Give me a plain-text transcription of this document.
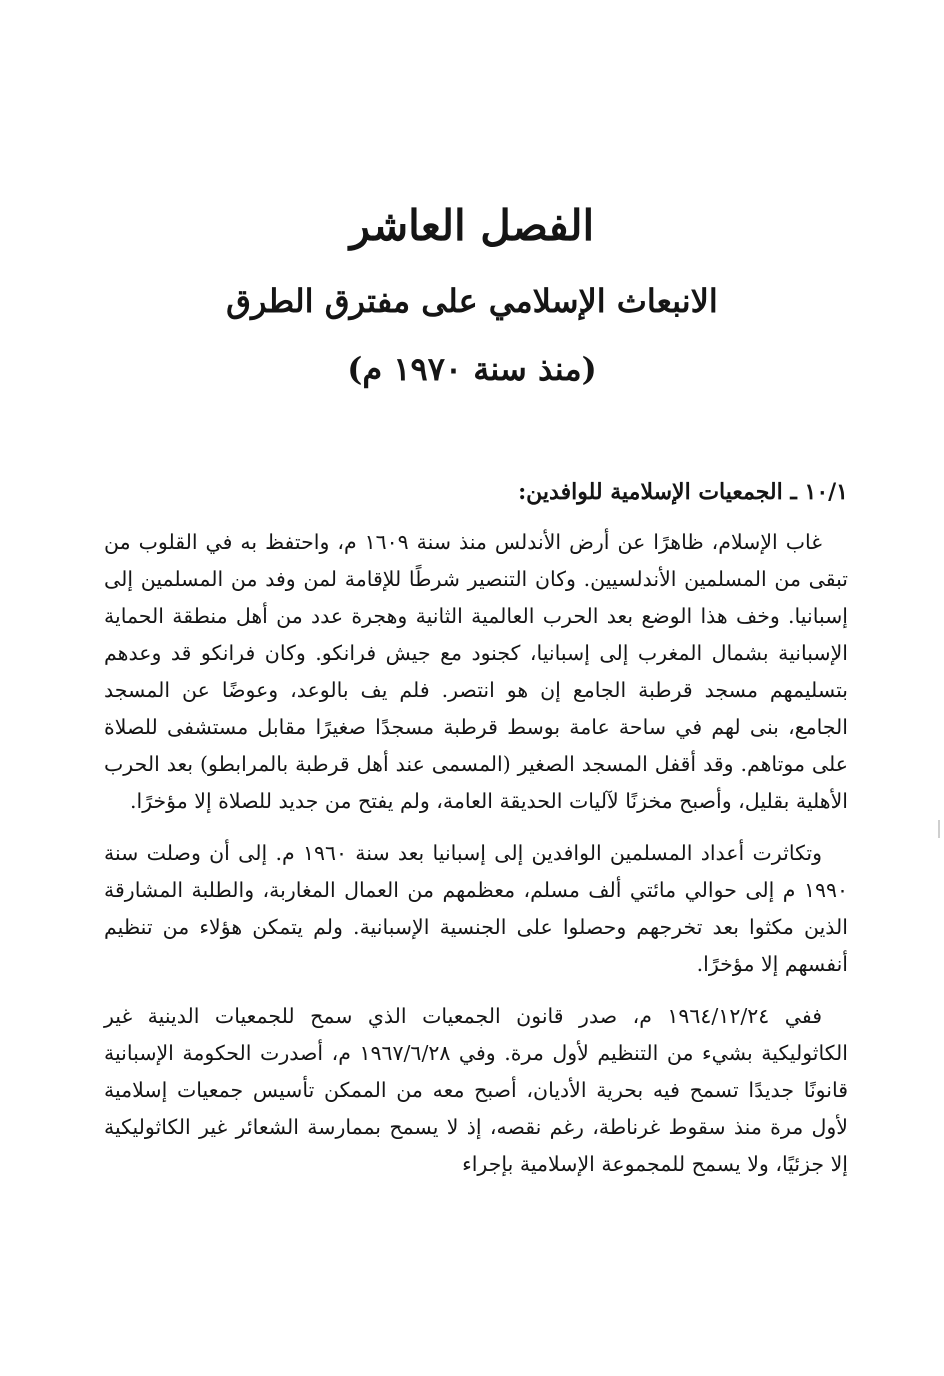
الفصل العاشر
الانبعاث الإسلامي على مفترق الطرق
(منذ سنة ١٩٧٠ م)
١٠/١ ـ الجمعيات الإسلامية للوافدين:

غاب الإسلام، ظاهرًا عن أرض الأندلس منذ سنة ١٦٠٩ م، واحتفظ به في القلوب من تبقى من المسلمين الأندلسيين. وكان التنصير شرطًا للإقامة لمن وفد من المسلمين إلى إسبانيا. وخف هذا الوضع بعد الحرب العالمية الثانية وهجرة عدد من أهل منطقة الحماية الإسبانية بشمال المغرب إلى إسبانيا، كجنود مع جيش فرانكو. وكان فرانكو قد وعدهم بتسليمهم مسجد قرطبة الجامع إن هو انتصر. فلم يف بالوعد، وعوضًا عن المسجد الجامع، بنى لهم في ساحة عامة بوسط قرطبة مسجدًا صغيرًا مقابل مستشفى للصلاة على موتاهم. وقد أقفل المسجد الصغير (المسمى عند أهل قرطبة بالمرابطو) بعد الحرب الأهلية بقليل، وأصبح مخزنًا لآليات الحديقة العامة، ولم يفتح من جديد للصلاة إلا مؤخرًا.

وتكاثرت أعداد المسلمين الوافدين إلى إسبانيا بعد سنة ١٩٦٠ م. إلى أن وصلت سنة ١٩٩٠ م إلى حوالي مائتي ألف مسلم، معظمهم من العمال المغاربة، والطلبة المشارقة الذين مكثوا بعد تخرجهم وحصلوا على الجنسية الإسبانية. ولم يتمكن هؤلاء من تنظيم أنفسهم إلا مؤخرًا.

ففي ١٩٦٤/١٢/٢٤ م، صدر قانون الجمعيات الذي سمح للجمعيات الدينية غير الكاثوليكية بشيء من التنظيم لأول مرة. وفي ١٩٦٧/٦/٢٨ م، أصدرت الحكومة الإسبانية قانونًا جديدًا تسمح فيه بحرية الأديان، أصبح معه من الممكن تأسيس جمعيات إسلامية لأول مرة منذ سقوط غرناطة، رغم نقصه، إذ لا يسمح بممارسة الشعائر غير الكاثوليكية إلا جزئيًا، ولا يسمح للمجموعة الإسلامية بإجراء
